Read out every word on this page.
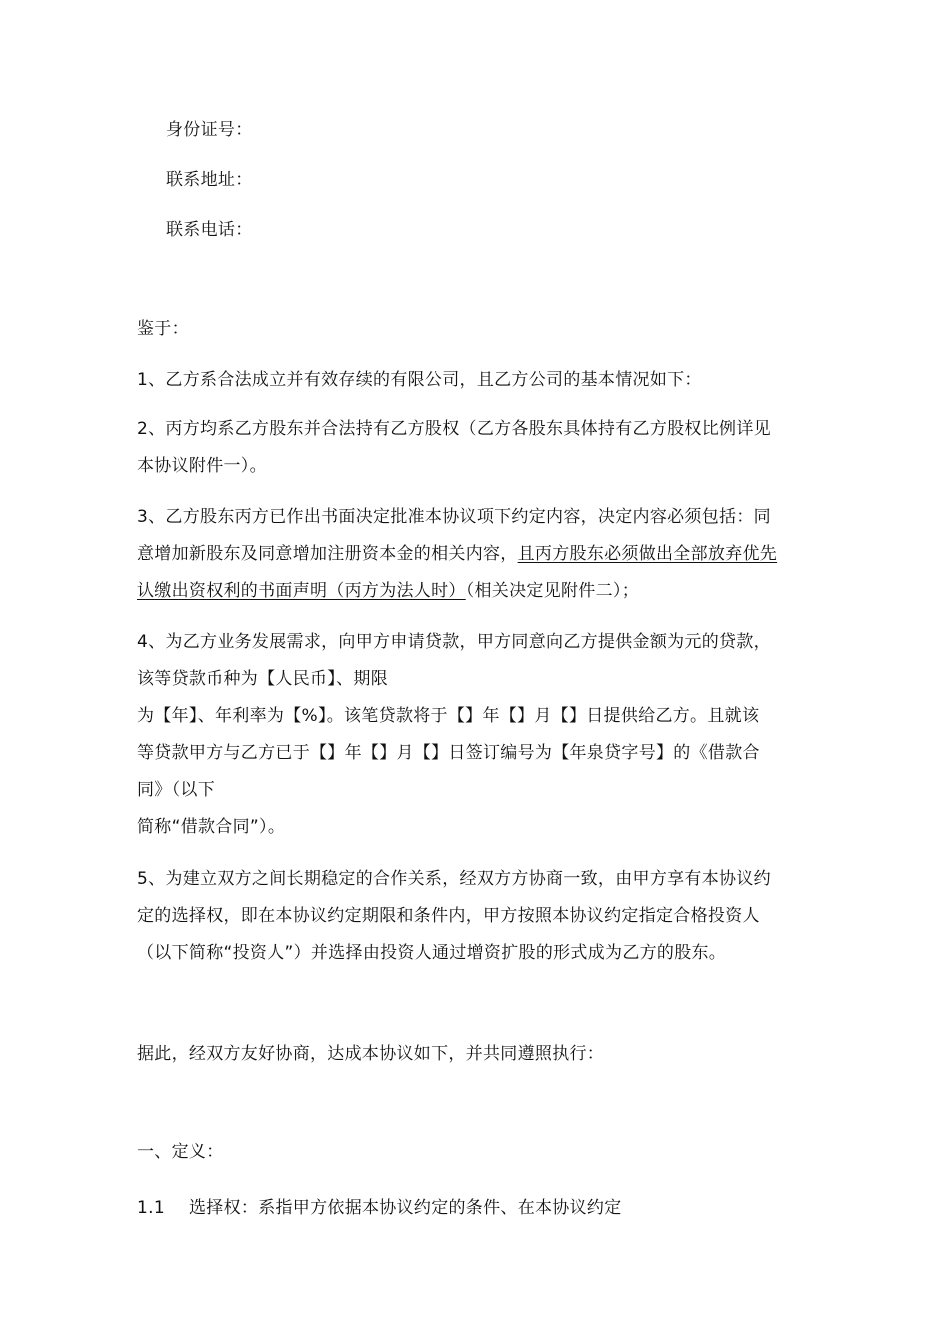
身份证号：
联系地址：
联系电话：
鉴于：
1、乙方系合法成立并有效存续的有限公司，且乙方公司的基本情况如下：
2、丙方均系乙方股东并合法持有乙方股权（乙方各股东具体持有乙方股权比例详见
本协议附件一）。
3、乙方股东丙方已作出书面决定批准本协议项下约定内容，决定内容必须包括：同
意增加新股东及同意增加注册资本金的相关内容，且丙方股东必须做出全部放弃优先
认缴出资权利的书面声明（丙方为法人时）（相关决定见附件二）；
4、为乙方业务发展需求，向甲方申请贷款，甲方同意向乙方提供金额为元的贷款，
该等贷款币种为【人民币】、期限
为【年】、年利率为【%】。该笔贷款将于【】年【】月【】日提供给乙方。且就该
等贷款甲方与乙方已于【】年【】月【】日签订编号为【年泉贷字号】的《借款合
同》（以下
简称“借款合同”）。
5、为建立双方之间长期稳定的合作关系，经双方方协商一致，由甲方享有本协议约
定的选择权，即在本协议约定期限和条件内，甲方按照本协议约定指定合格投资人
（以下简称“投资人”）并选择由投资人通过增资扩股的形式成为乙方的股东。
据此，经双方友好协商，达成本协议如下，并共同遵照执行：
一、定义：
1.1 选择权：系指甲方依据本协议约定的条件、在本协议约定
